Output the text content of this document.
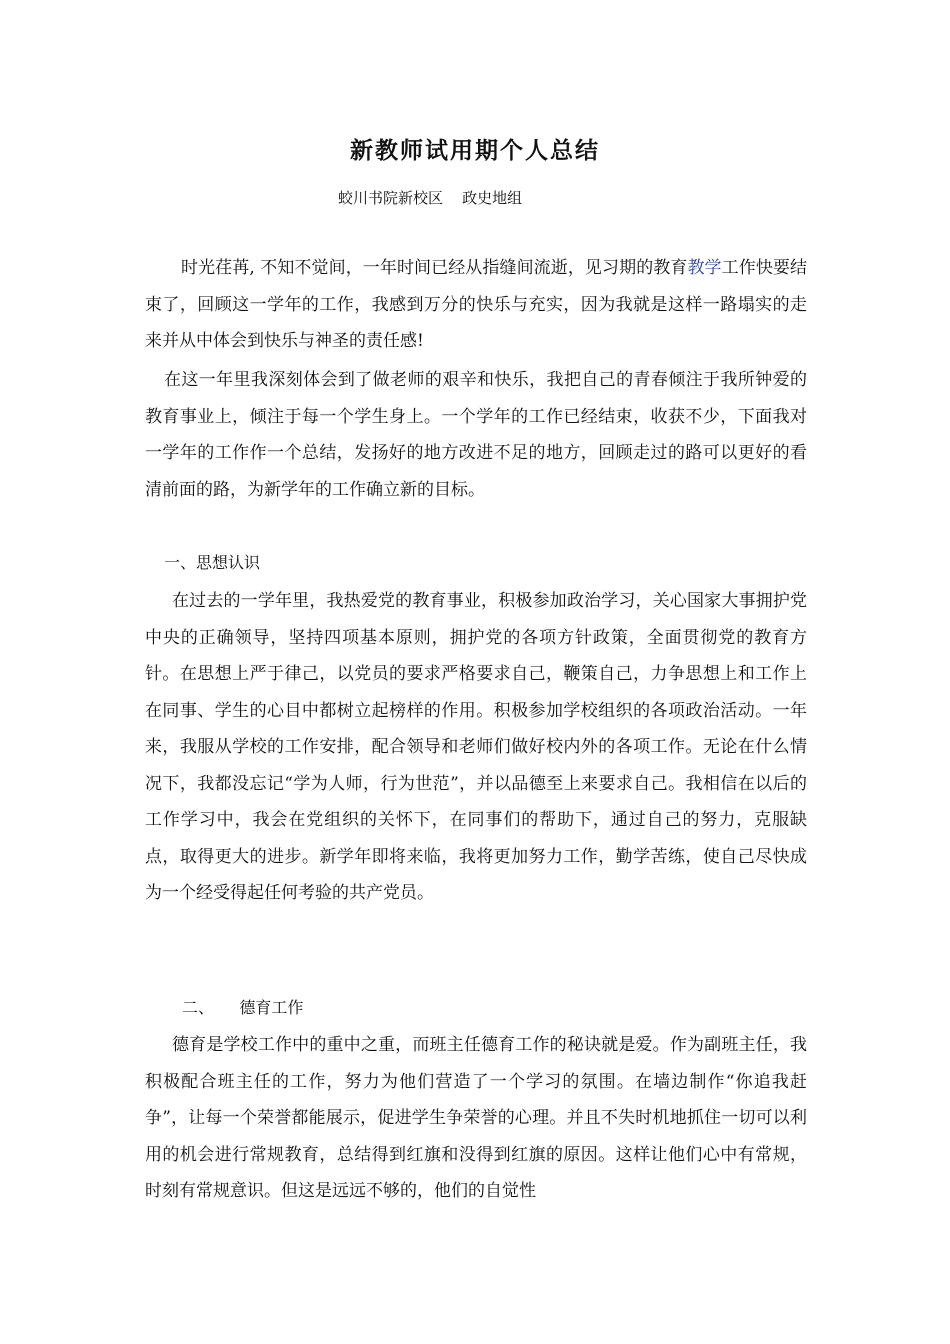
新教师试用期个人总结
蛟川书院新校区    政史地组

时光荏苒, 不知不觉间，一年时间已经从指缝间流逝，见习期的教育教学工作快要结束了，回顾这一学年的工作，我感到万分的快乐与充实，因为我就是这样一路塌实的走来并从中体会到快乐与神圣的责任感!

在这一年里我深刻体会到了做老师的艰辛和快乐，我把自己的青春倾注于我所钟爱的教育事业上，倾注于每一个学生身上。一个学年的工作已经结束，收获不少，下面我对一学年的工作作一个总结，发扬好的地方改进不足的地方，回顾走过的路可以更好的看清前面的路，为新学年的工作确立新的目标。

一、思想认识

在过去的一学年里，我热爱党的教育事业，积极参加政治学习，关心国家大事拥护党中央的正确领导，坚持四项基本原则，拥护党的各项方针政策，全面贯彻党的教育方针。在思想上严于律己，以党员的要求严格要求自己，鞭策自己，力争思想上和工作上在同事、学生的心目中都树立起榜样的作用。积极参加学校组织的各项政治活动。一年来，我服从学校的工作安排，配合领导和老师们做好校内外的各项工作。无论在什么情况下，我都没忘记“学为人师，行为世范”，并以品德至上来要求自己。我相信在以后的工作学习中，我会在党组织的关怀下，在同事们的帮助下，通过自己的努力，克服缺点，取得更大的进步。新学年即将来临，我将更加努力工作，勤学苦练，使自己尽快成为一个经受得起任何考验的共产党员。

二、     德育工作

德育是学校工作中的重中之重，而班主任德育工作的秘诀就是爱。作为副班主任，我积极配合班主任的工作，努力为他们营造了一个学习的氛围。在墙边制作“你追我赶争”，让每一个荣誉都能展示，促进学生争荣誉的心理。并且不失时机地抓住一切可以利用的机会进行常规教育，总结得到红旗和没得到红旗的原因。这样让他们心中有常规，时刻有常规意识。但这是远远不够的，他们的自觉性
